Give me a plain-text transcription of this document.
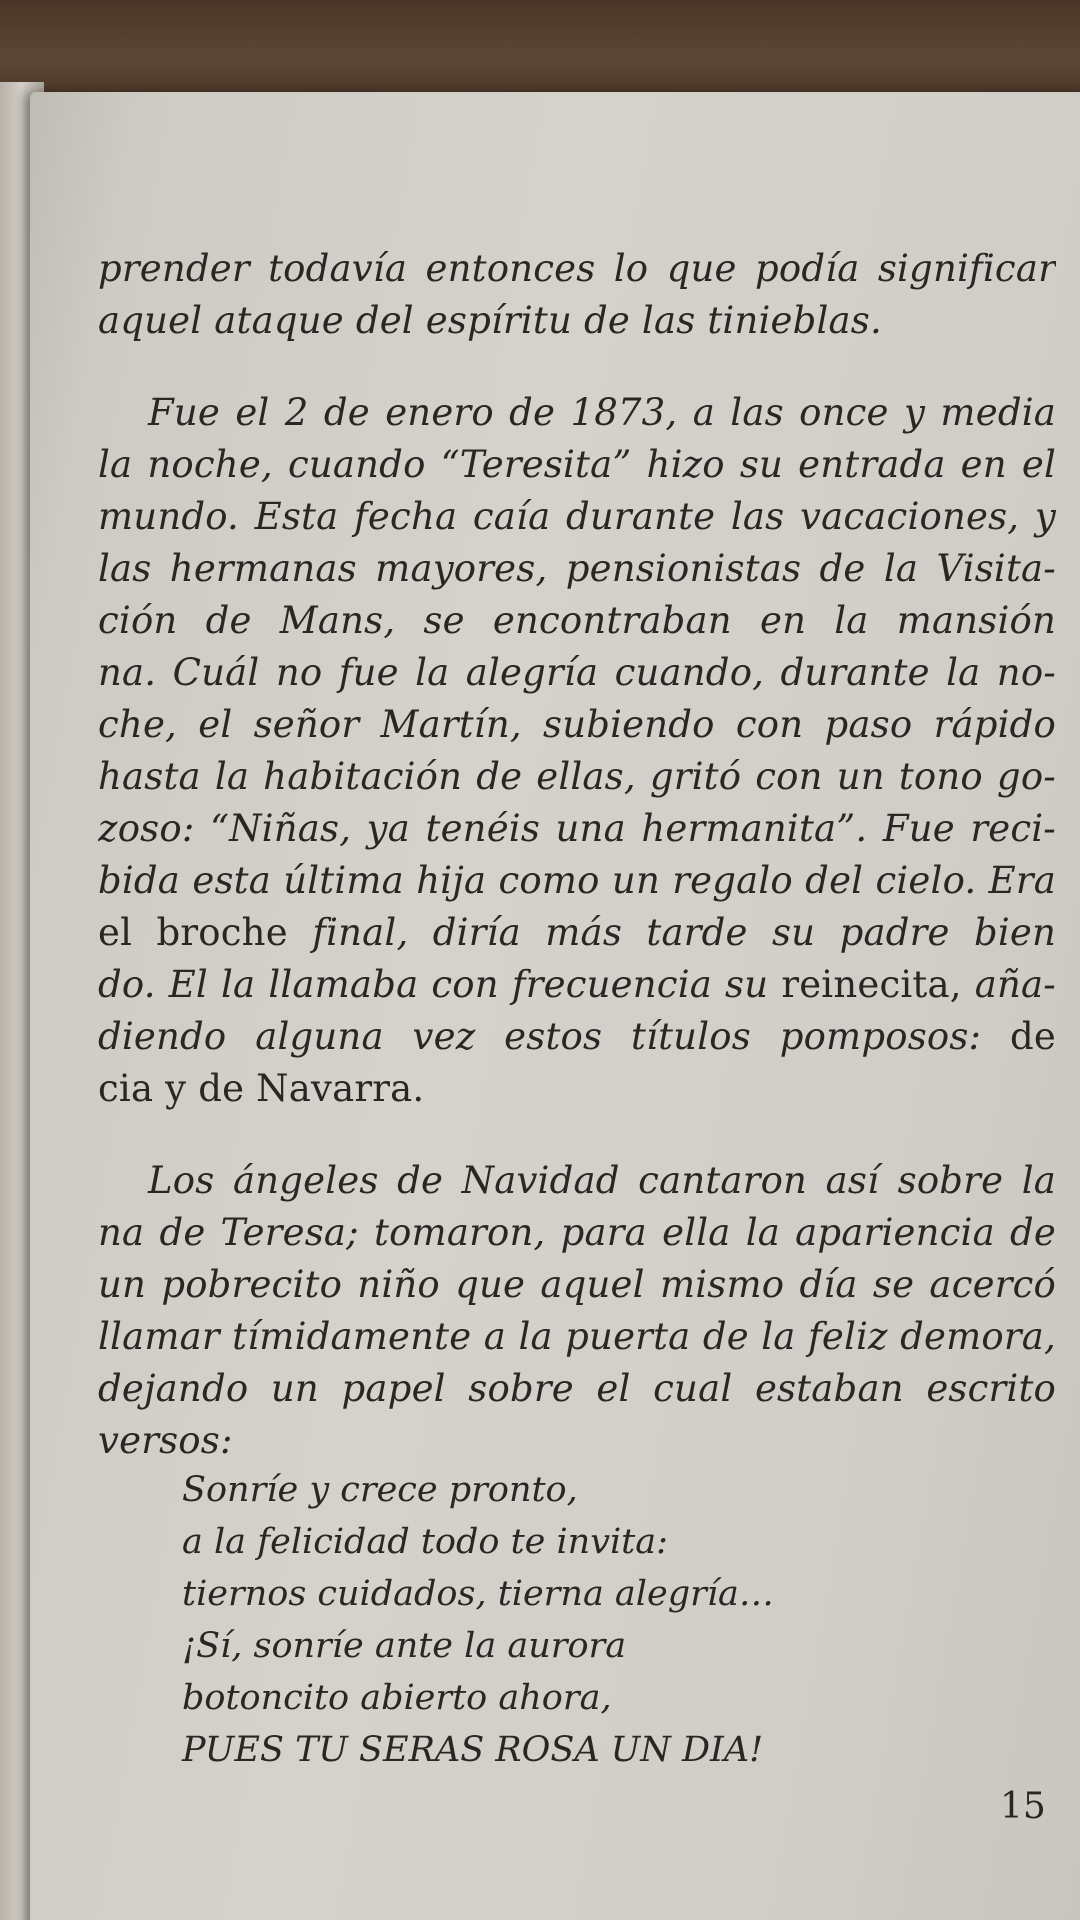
prender todavía entonces lo que podía significar
aquel ataque del espíritu de las tinieblas.
Fue el 2 de enero de 1873, a las once y media
la noche, cuando “Teresita” hizo su entrada en el
mundo. Esta fecha caía durante las vacaciones, y
las hermanas mayores, pensionistas de la Visita-
ción de Mans, se encontraban en la mansión
na. Cuál no fue la alegría cuando, durante la no-
che, el señor Martín, subiendo con paso rápido
hasta la habitación de ellas, gritó con un tono go-
zoso: “Niñas, ya tenéis una hermanita”. Fue reci-
bida esta última hija como un regalo del cielo. Era
el broche final, diría más tarde su padre bien
do. El la llamaba con frecuencia su reinecita, aña-
diendo alguna vez estos títulos pomposos: de
cia y de Navarra.
Los ángeles de Navidad cantaron así sobre la
na de Teresa; tomaron, para ella la apariencia de
un pobrecito niño que aquel mismo día se acercó
llamar tímidamente a la puerta de la feliz demora,
dejando un papel sobre el cual estaban escrito
versos:
Sonríe y crece pronto,
a la felicidad todo te invita:
tiernos cuidados, tierna alegría…
¡Sí, sonríe ante la aurora
botoncito abierto ahora,
PUES TU SERAS ROSA UN DIA!
15
